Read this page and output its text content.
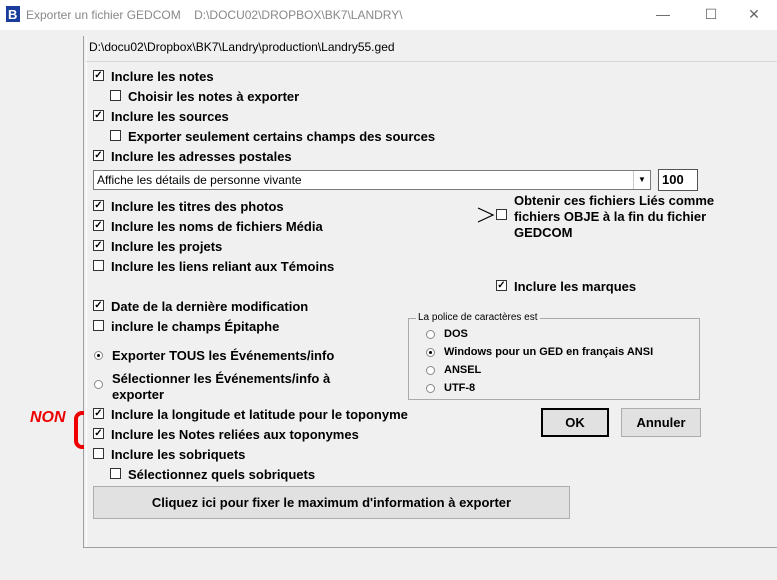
B Exporter un fichier GEDCOM D:\DOCU02\DROPBOX\BK7\LANDRY\	—	☐	✕
D:\docu02\Dropbox\BK7\Landry\production\Landry55.ged
✓ Inclure les notes
Choisir les notes à exporter
✓ Inclure les sources
Exporter seulement certains champs des sources
✓ Inclure les adresses postales
Affiche les détails de personne vivante	▼	100
✓ Inclure les titres des photos
✓ Inclure les noms de fichiers Média
✓ Inclure les projets
Inclure les liens reliant aux Témoins
Obtenir ces fichiers Liés comme fichiers OBJE à la fin du fichier GEDCOM
✓ Inclure les marques
✓ Date de la dernière modification
inclure le champs Épitaphe
Exporter TOUS les Événements/info
Sélectionner les Événements/info à
exporter
La police de caractères est
DOS
Windows pour un GED en français ANSI
ANSEL
UTF-8
✓ Inclure la longitude et latitude pour le toponyme
✓ Inclure les Notes reliées aux toponymes
Inclure les sobriquets
Sélectionnez quels sobriquets
OK	Annuler
Cliquez ici pour fixer le maximum d'information à exporter
NON
